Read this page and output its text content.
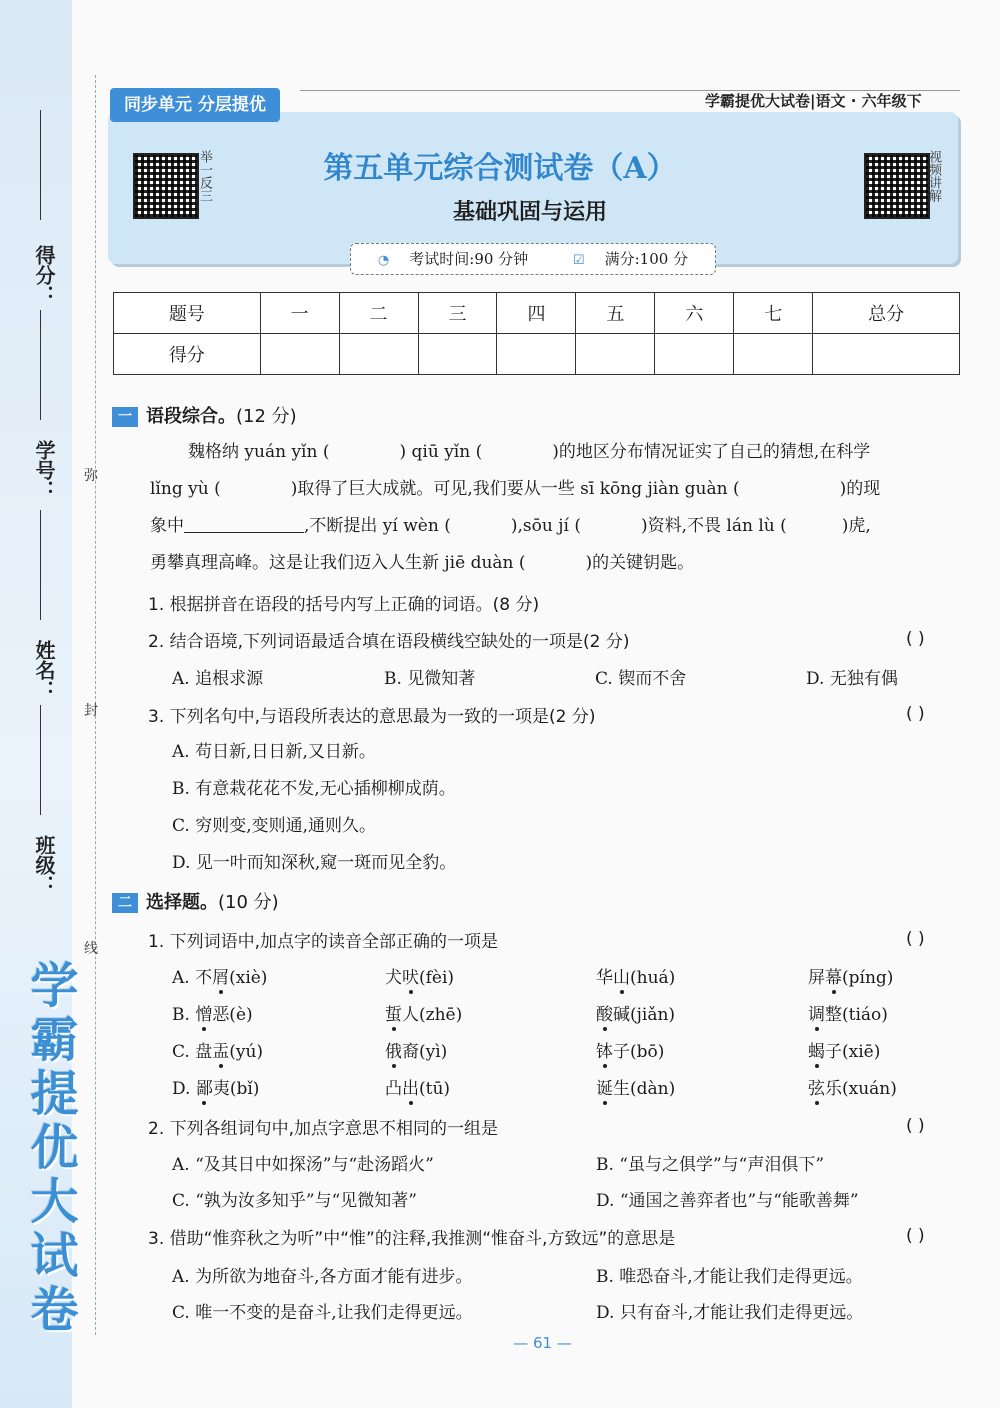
学霸提优大试卷
得分：
学号：
姓名：
班级：
弥
封
线
学霸提优大试卷|语文 · 六年级下
同步单元 分层提优
举一反三	视频讲解
第五单元综合测试卷（A）
基础巩固与运用
◔ 考试时间:90 分钟	☑ 满分:100 分
题号	一	二	三	四	五	六	七	总分
得分								
一 语段综合。(12 分)
魏格纳 yuán yǐn (	) qiū yǐn (	)的地区分布情况证实了自己的猜想,在科学
lǐng yù (	)取得了巨大成就。可见,我们要从一些 sī kōng jiàn guàn (	)的现
象中	,不断提出 yí wèn (	),sōu jí (	)资料,不畏 lán lù (	)虎,
勇攀真理高峰。这是让我们迈入人生新 jiē duàn (	)的关键钥匙。
1. 根据拼音在语段的括号内写上正确的词语。(8 分)
2. 结合语境,下列词语最适合填在语段横线空缺处的一项是(2 分)	( )
A. 追根求源	B. 见微知著	C. 锲而不舍	D. 无独有偶
3. 下列名句中,与语段所表达的意思最为一致的一项是(2 分)	( )
A. 苟日新,日日新,又日新。
B. 有意栽花花不发,无心插柳柳成荫。
C. 穷则变,变则通,通则久。
D. 见一叶而知深秋,窥一斑而见全豹。
二 选择题。(10 分)
1. 下列词语中,加点字的读音全部正确的一项是	( )
A. 不屑(xiè)	犬吠(fèi)	华山(huá)	屏幕(píng)
B. 憎恶(è)	蜇人(zhē)	酸碱(jiǎn)	调整(tiáo)
C. 盘盂(yú)	俄裔(yì)	钵子(bō)	蝎子(xiē)
D. 鄙夷(bǐ)	凸出(tū)	诞生(dàn)	弦乐(xuán)
2. 下列各组词句中,加点字意思不相同的一组是	( )
A. “及其日中如探汤”与“赴汤蹈火”	B. “虽与之俱学”与“声泪俱下”
C. “孰为汝多知乎”与“见微知著”	D. “通国之善弈者也”与“能歌善舞”
3. 借助“惟弈秋之为听”中“惟”的注释,我推测“惟奋斗,方致远”的意思是	( )
A. 为所欲为地奋斗,各方面才能有进步。	B. 唯恐奋斗,才能让我们走得更远。
C. 唯一不变的是奋斗,让我们走得更远。	D. 只有奋斗,才能让我们走得更远。
— 61 —
